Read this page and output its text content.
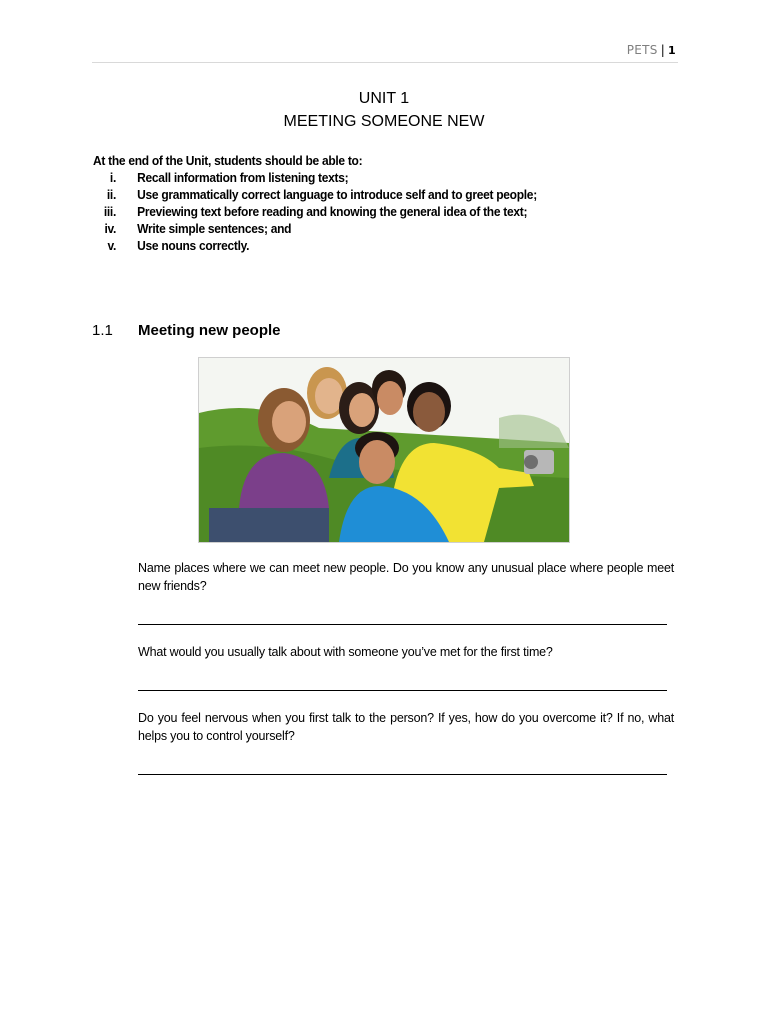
PETS | 1
UNIT 1
MEETING SOMEONE NEW
At the end of the Unit, students should be able to:
i. Recall information from listening texts;
ii. Use grammatically correct language to introduce self and to greet people;
iii. Previewing text before reading and knowing the general idea of the text;
iv. Write simple sentences; and
v. Use nouns correctly.
1.1 Meeting new people
Name places where we can meet new people. Do you know any unusual place where people meet new friends?
What would you usually talk about with someone you’ve met for the first time?
Do you feel nervous when you first talk to the person? If yes, how do you overcome it? If no, what helps you to control yourself?
